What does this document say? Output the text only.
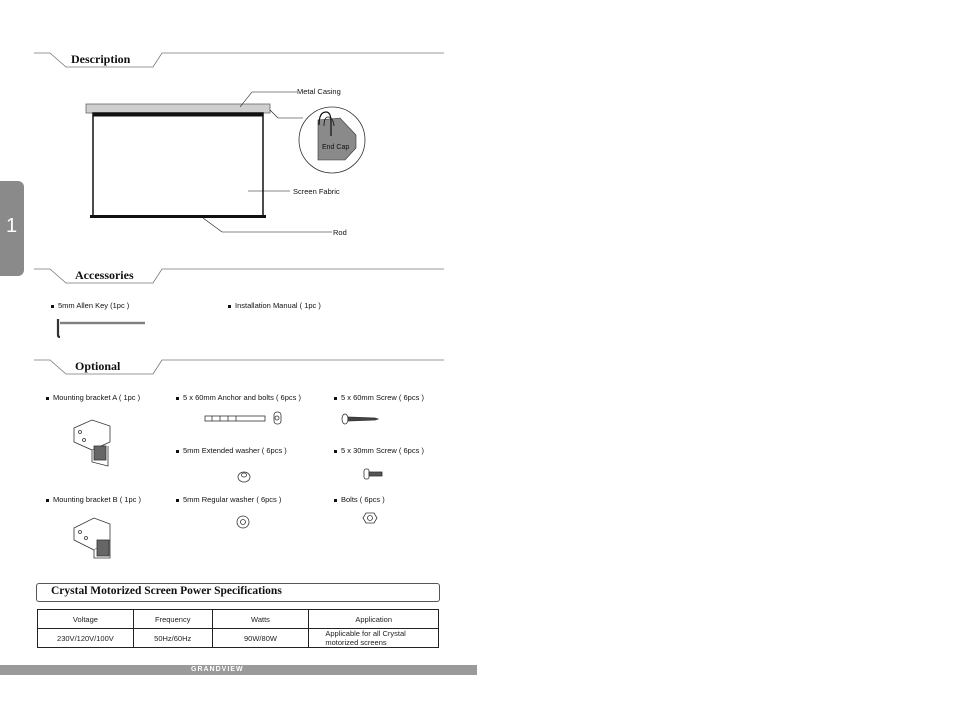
1
Description
Accessories
Optional
Metal Casing
End Cap
Screen Fabric
Rod
5mm Allen Key (1pc )	Installation Manual ( 1pc )
Mounting bracket A ( 1pc )	5 x 60mm Anchor and bolts ( 6pcs )	5 x 60mm Screw ( 6pcs )
5mm Extended washer ( 6pcs )	5 x 30mm Screw ( 6pcs )
Mounting bracket B ( 1pc )	5mm Regular washer ( 6pcs )	Bolts ( 6pcs )
Crystal Motorized Screen Power Specifications
Voltage	Frequency	Watts	Application
230V/120V/100V	50Hz/60Hz	90W/80W	Applicable for all Crystal motorized screens
GRANDVIEW
